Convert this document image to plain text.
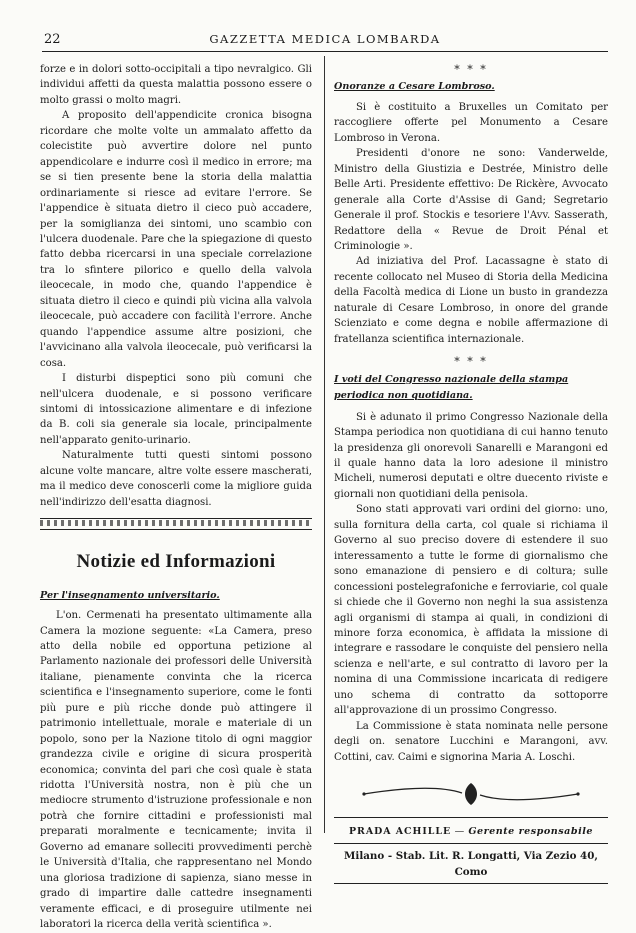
22	GAZZETTA MEDICA LOMBARDA

forze e in dolori sotto-occipitali a tipo nevralgico. Gli individui affetti da questa malattia possono essere o molto grassi o molto magri.

A proposito dell'appendicite cronica bisogna ricordare che molte volte un ammalato affetto da colecistite può avvertire dolore nel punto appendicolare e indurre così il medico in errore; ma se si tien presente bene la storia della malattia ordinariamente si riesce ad evitare l'errore. Se l'appendice è situata dietro il cieco può accadere, per la somiglianza dei sintomi, uno scambio con l'ulcera duodenale. Pare che la spiegazione di questo fatto debba ricercarsi in una speciale correlazione tra lo sfintere pilorico e quello della valvola ileocecale, in modo che, quando l'appendice è situata dietro il cieco e quindi più vicina alla valvola ileocecale, può accadere con facilità l'errore. Anche quando l'appendice assume altre posizioni, che l'avvicinano alla valvola ileocecale, può verificarsi la cosa.

I disturbi dispeptici sono più comuni che nell'ulcera duodenale, e si possono verificare sintomi di intossicazione alimentare e di infezione da B. coli sia generale sia locale, principalmente nell'apparato genito-urinario.

Naturalmente tutti questi sintomi possono alcune volte mancare, altre volte essere mascherati, ma il medico deve conoscerli come la migliore guida nell'indirizzo dell'esatta diagnosi.

Notizie ed Informazioni
Per l'insegnamento universitario.

L'on. Cermenati ha presentato ultimamente alla Camera la mozione seguente: «La Camera, preso atto della nobile ed opportuna petizione al Parlamento nazionale dei professori delle Università italiane, pienamente convinta che la ricerca scientifica e l'insegnamento superiore, come le fonti più pure e più ricche donde può attingere il patrimonio intellettuale, morale e materiale di un popolo, sono per la Nazione titolo di ogni maggior grandezza civile e origine di sicura prosperità economica; convinta del pari che così quale è stata ridotta l'Università nostra, non è più che un mediocre strumento d'istruzione professionale e non potrà che fornire cittadini e professionisti mal preparati moralmente e tecnicamente; invita il Governo ad emanare solleciti provvedimenti perchè le Università d'Italia, che rappresentano nel Mondo una gloriosa tradizione di sapienza, siano messe in grado di impartire dalle cattedre insegnamenti veramente efficaci, e di proseguire utilmente nei laboratori la ricerca della verità scientifica ».

* * *
Onoranze a Cesare Lombroso.

Si è costituito a Bruxelles un Comitato per raccogliere offerte pel Monumento a Cesare Lombroso in Verona.

Presidenti d'onore ne sono: Vanderwelde, Ministro della Giustizia e Destrée, Ministro delle Belle Arti. Presidente effettivo: De Rickère, Avvocato generale alla Corte d'Assise di Gand; Segretario Generale il prof. Stockis e tesoriere l'Avv. Sasserath, Redattore della « Revue de Droit Pénal et Criminologie ».

Ad iniziativa del Prof. Lacassagne è stato di recente collocato nel Museo di Storia della Medicina della Facoltà medica di Lione un busto in grandezza naturale di Cesare Lombroso, in onore del grande Scienziato e come degna e nobile affermazione di fratellanza scientifica internazionale.

* * *
I voti del Congresso nazionale della stampa periodica non quotidiana.

Si è adunato il primo Congresso Nazionale della Stampa periodica non quotidiana di cui hanno tenuto la presidenza gli onorevoli Sanarelli e Marangoni ed il quale hanno data la loro adesione il ministro Micheli, numerosi deputati e oltre duecento riviste e giornali non quotidiani della penisola.

Sono stati approvati vari ordini del giorno: uno, sulla fornitura della carta, col quale si richiama il Governo al suo preciso dovere di estendere il suo interessamento a tutte le forme di giornalismo che sono emanazione di pensiero e di coltura; sulle concessioni postelegrafoniche e ferroviarie, col quale si chiede che il Governo non neghi la sua assistenza agli organismi di stampa ai quali, in condizioni di minore forza economica, è affidata la missione di integrare e rassodare le conquiste del pensiero nella scienza e nell'arte, e sul contratto di lavoro per la nomina di una Commissione incaricata di redigere uno schema di contratto da sottoporre all'approvazione di un prossimo Congresso.

La Commissione è stata nominata nelle persone degli on. senatore Lucchini e Marangoni, avv. Cottini, cav. Caimi e signorina Maria A. Loschi.

PRADA ACHILLE — Gerente responsabile
Milano - Stab. Lit. R. Longatti, Via Zezio 40, Como
